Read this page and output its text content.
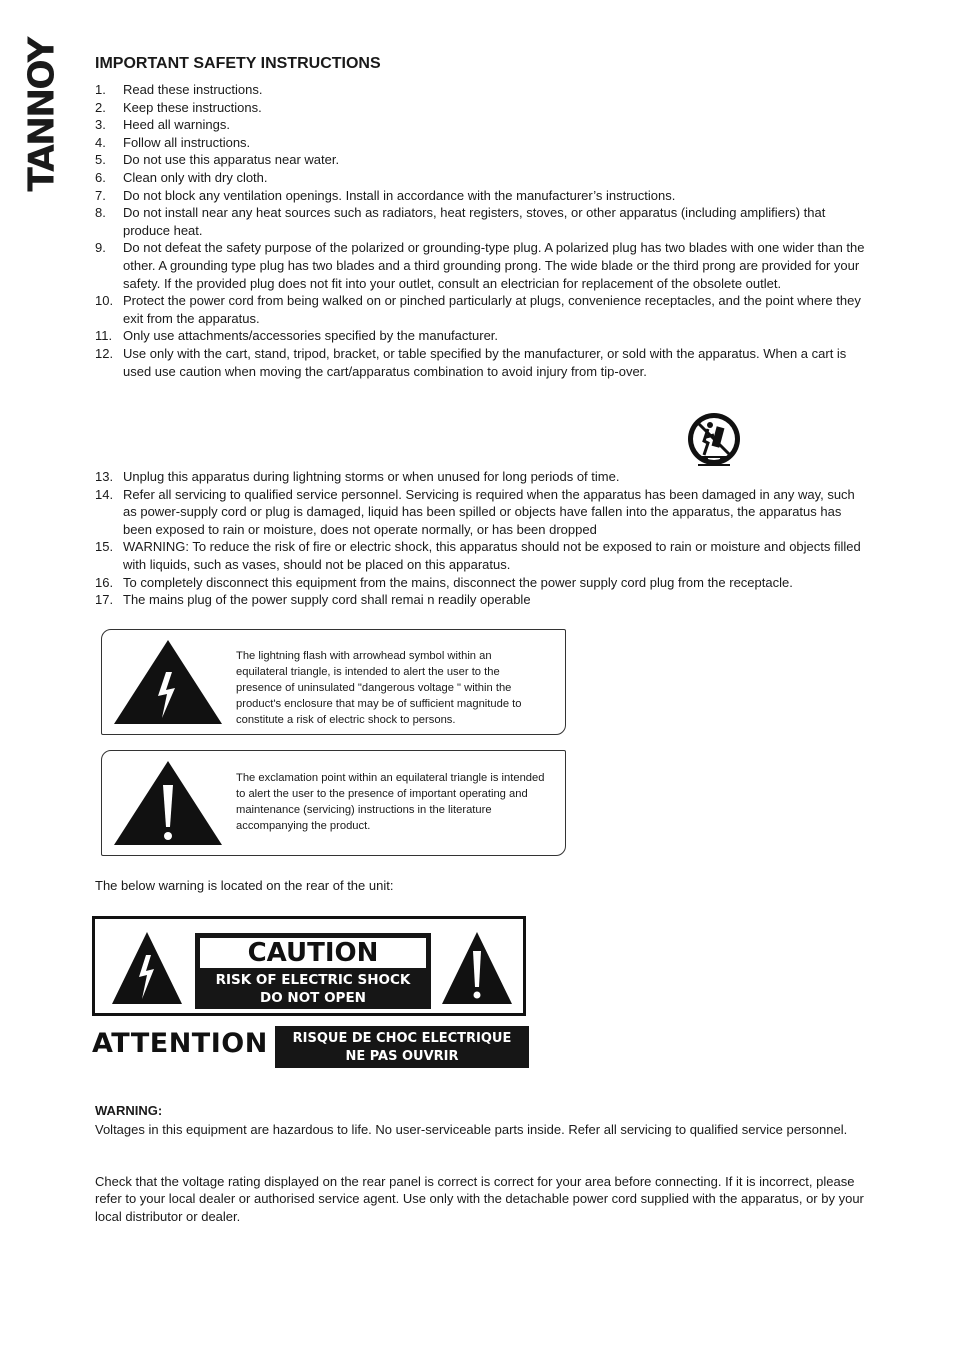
TANNOY IMPORTANT SAFETY INSTRUCTIONS
1. Read these instructions.
2. Keep these instructions.
3. Heed all warnings.
4. Follow all instructions.
5. Do not use this apparatus near water.
6. Clean only with dry cloth.
7. Do not block any ventilation openings. Install in accordance with the manufacturer’s instructions.
8. Do not install near any heat sources such as radiators, heat registers, stoves, or other apparatus (including amplifiers) that produce heat.
9. Do not defeat the safety purpose of the polarized or grounding-type plug. A polarized plug has two blades with one wider than the other. A grounding type plug has two blades and a third grounding prong. The wide blade or the third prong are provided for your safety. If the provided plug does not fit into your outlet, consult an electrician for replacement of the obsolete outlet.
10. Protect the power cord from being walked on or pinched particularly at plugs, convenience receptacles, and the point where they exit from the apparatus.
11. Only use attachments/accessories specified by the manufacturer.
12. Use only with the cart, stand, tripod, bracket, or table specified by the manufacturer, or sold with the apparatus. When a cart is used use caution when moving the cart/apparatus combination to avoid injury from tip-over.
13. Unplug this apparatus during lightning storms or when unused for long periods of time.
14. Refer all servicing to qualified service personnel. Servicing is required when the apparatus has been damaged in any way, such as power-supply cord or plug is damaged, liquid has been spilled or objects have fallen into the apparatus, the apparatus has been exposed to rain or moisture, does not operate normally, or has been dropped
15. WARNING: To reduce the risk of fire or electric shock, this apparatus should not be exposed to rain or moisture and objects filled with liquids, such as vases, should not be placed on this apparatus.
16. To completely disconnect this equipment from the mains, disconnect the power supply cord plug from the receptacle.
17. The mains plug of the power supply cord shall remai n readily operable
The lightning flash with arrowhead symbol within an equilateral triangle, is intended to alert the user to the presence of uninsulated "dangerous voltage " within the product's enclosure that may be of sufficient magnitude to constitute a risk of electric shock to persons.
The exclamation point within an equilateral triangle is intended to alert the user to the presence of important operating and maintenance (servicing) instructions in the literature accompanying the product.

The below warning is located on the rear of the unit:

CAUTION
RISK OF ELECTRIC SHOCK
DO NOT OPEN
ATTENTION	RISQUE DE CHOC ELECTRIQUE
NE PAS OUVRIR

WARNING:

Voltages in this equipment are hazardous to life. No user-serviceable parts inside. Refer all servicing to qualified service personnel.

Check that the voltage rating displayed on the rear panel is correct is correct for your area before connecting. If it is incorrect, please refer to your local dealer or authorised service agent. Use only with the detachable power cord supplied with the apparatus, or by your local distributor or dealer.
